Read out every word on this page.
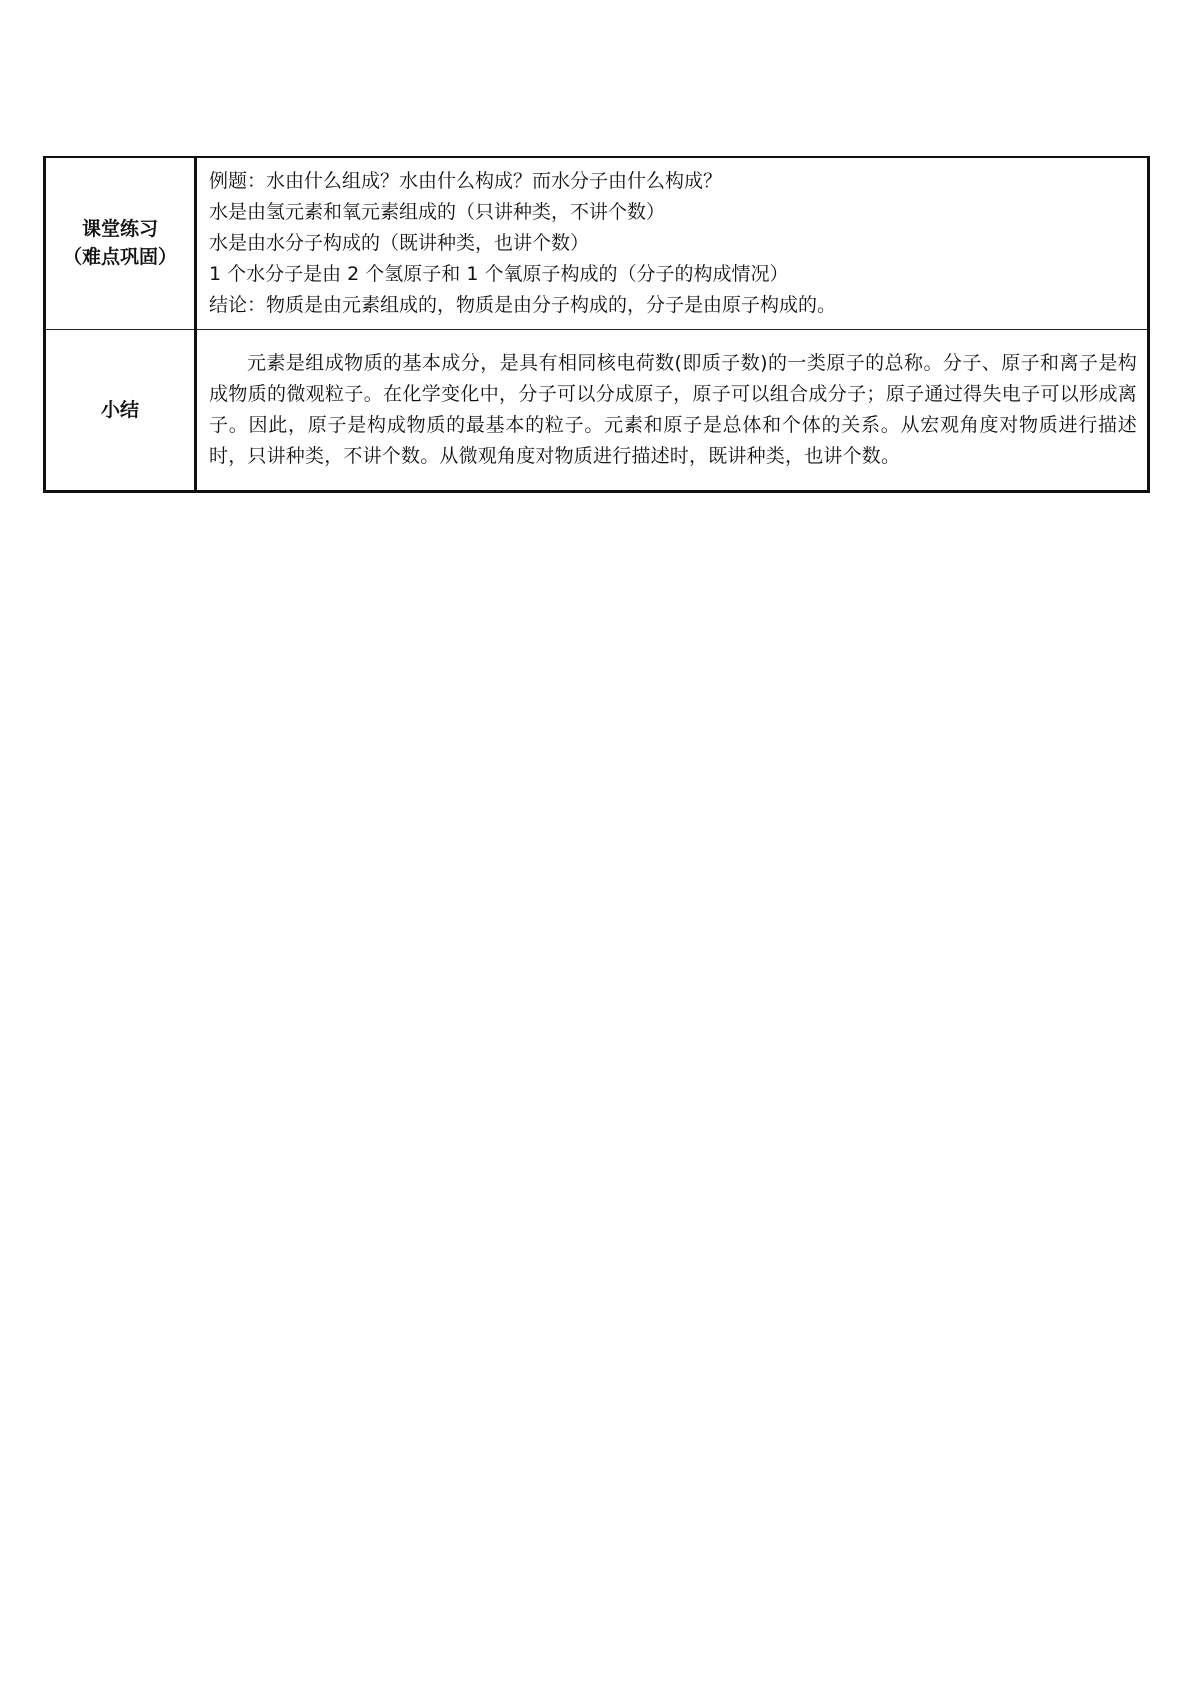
课堂练习
（难点巩固）	例题：水由什么组成？水由什么构成？而水分子由什么构成？
水是由氢元素和氧元素组成的（只讲种类，不讲个数）
水是由水分子构成的（既讲种类，也讲个数）
1 个水分子是由 2 个氢原子和 1 个氧原子构成的（分子的构成情况）
结论：物质是由元素组成的，物质是由分子构成的，分子是由原子构成的。

小结	元素是组成物质的基本成分，是具有相同核电荷数(即质子数)的一类原子的总称。分子、原子和离子是构成物质的微观粒子。在化学变化中，分子可以分成原子，原子可以组合成分子；原子通过得失电子可以形成离子。因此，原子是构成物质的最基本的粒子。元素和原子是总体和个体的关系。从宏观角度对物质进行描述时，只讲种类，不讲个数。从微观角度对物质进行描述时，既讲种类，也讲个数。
